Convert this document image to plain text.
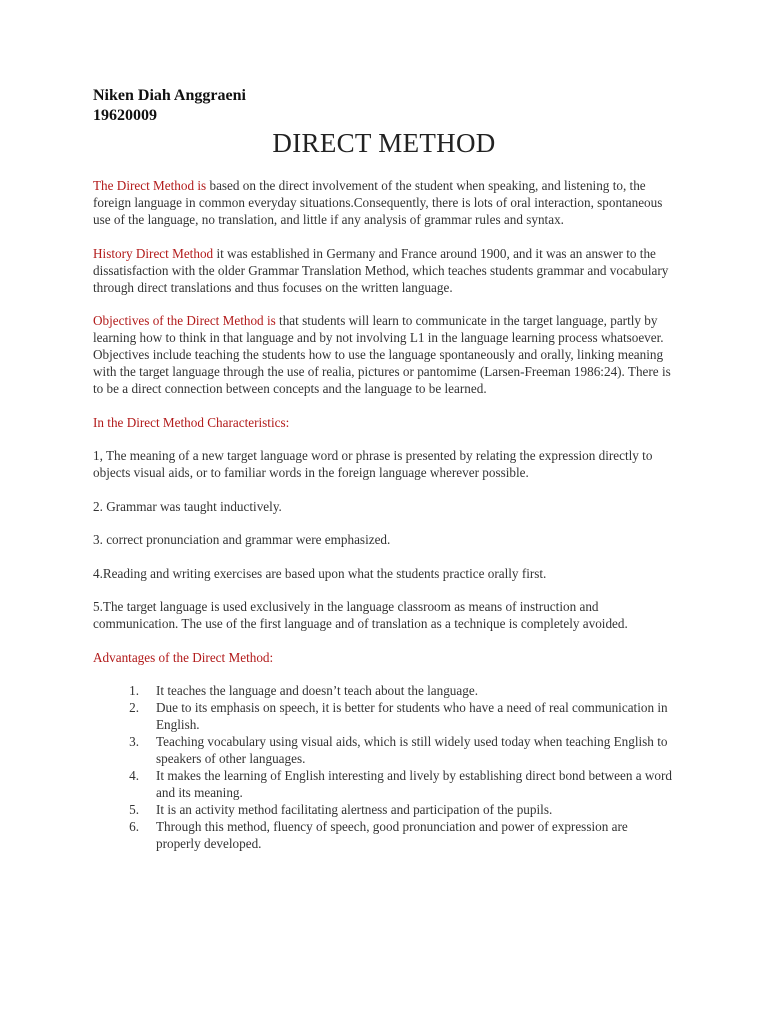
Niken Diah Anggraeni
19620009
DIRECT METHOD

The Direct Method is based on the direct involvement of the student when speaking, and listening to, the foreign language in common everyday situations.Consequently, there is lots of oral interaction, spontaneous use of the language, no translation, and little if any analysis of grammar rules and syntax.

History Direct Method it was established in Germany and France around 1900, and it was an answer to the dissatisfaction with the older Grammar Translation Method, which teaches students grammar and vocabulary through direct translations and thus focuses on the written language.

Objectives of the Direct Method is that students will learn to communicate in the target language, partly by learning how to think in that language and by not involving L1 in the language learning process whatsoever. Objectives include teaching the students how to use the language spontaneously and orally, linking meaning with the target language through the use of realia, pictures or pantomime (Larsen-Freeman 1986:24). There is to be a direct connection between concepts and the language to be learned.

In the Direct Method Characteristics:

1, The meaning of a new target language word or phrase is presented by relating the expression directly to objects visual aids, or to familiar words in the foreign language wherever possible.

2. Grammar was taught inductively.

3. correct pronunciation and grammar were emphasized.

4.Reading and writing exercises are based upon what the students practice orally first.

5.The target language is used exclusively in the language classroom as means of instruction and communication. The use of the first language and of translation as a technique is completely avoided.

Advantages of the Direct Method:

1. It teaches the language and doesn’t teach about the language.
2. Due to its emphasis on speech, it is better for students who have a need of real communication in English.
3. Teaching vocabulary using visual aids, which is still widely used today when teaching English to speakers of other languages.
4. It makes the learning of English interesting and lively by establishing direct bond between a word and its meaning.
5. It is an activity method facilitating alertness and participation of the pupils.
6. Through this method, fluency of speech, good pronunciation and power of expression are properly developed.
